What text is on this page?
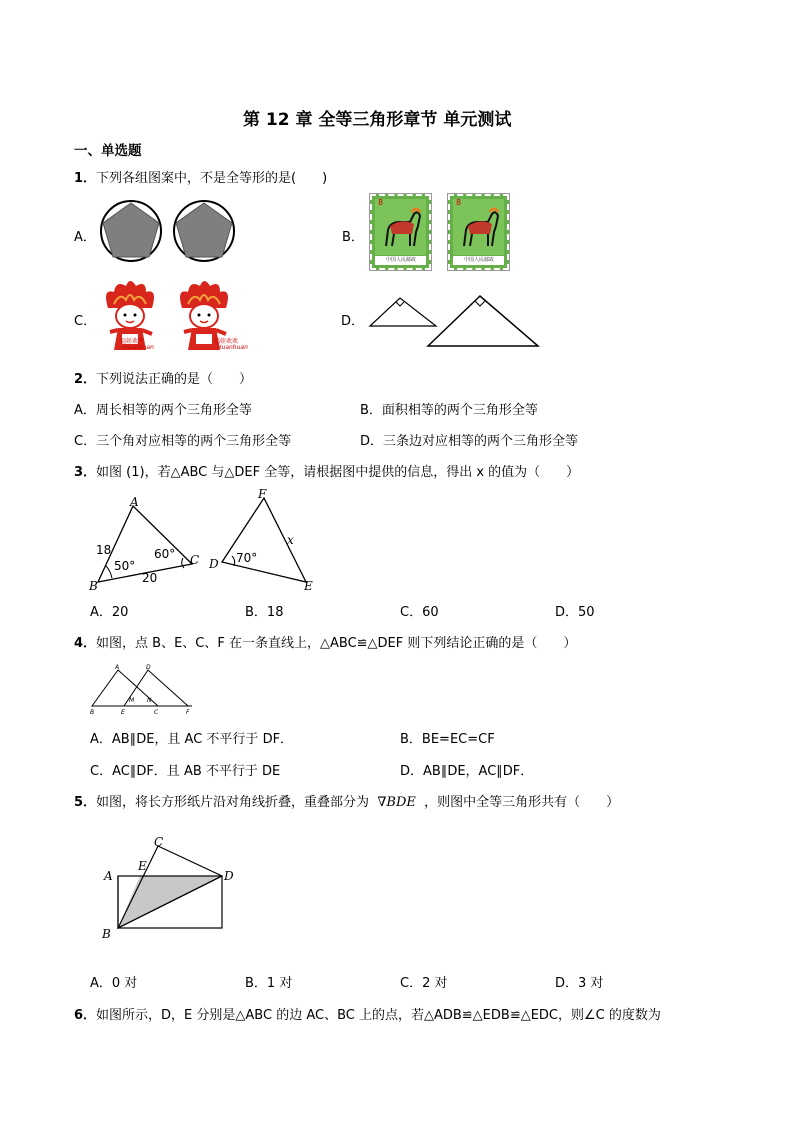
第 12 章 全等三角形章节 单元测试
一、单选题
1．下列各组图案中，不是全等形的是(　　)
A．	B．
8
中国人民邮政
8
中国人民邮政
C．
福娃欢欢
Huanhuan
福娃欢欢
Huanhuan
D．
2．下列说法正确的是（　　）
A．周长相等的两个三角形全等	B．面积相等的两个三角形全等
C．三个角对应相等的两个三角形全等	D．三条边对应相等的两个三角形全等
3．如图 (1)，若△ABC 与△DEF 全等，请根据图中提供的信息，得出 x 的值为（　　）
A
B
C D
E
F
x
18
20
50°
60°	70°
A．20	B．18	C．60	D．50
4．如图，点 B、E、C、F 在一条直线上，△ABC≌△DEF 则下列结论正确的是（　　）
A	D
B	E	C	F
M N
A．AB∥DE，且 AC 不平行于 DF．	B．BE=EC=CF
C．AC∥DF．且 AB 不平行于 DE	D．AB∥DE，AC∥DF．
5．如图，将长方形纸片沿对角线折叠，重叠部分为 ∇BDE ，则图中全等三角形共有（　　）
A
B
C
D
E
A．0 对	B．1 对	C．2 对	D．3 对
6．如图所示，D，E 分别是△ABC 的边 AC、BC 上的点，若△ADB≌△EDB≌△EDC，则∠C 的度数为
